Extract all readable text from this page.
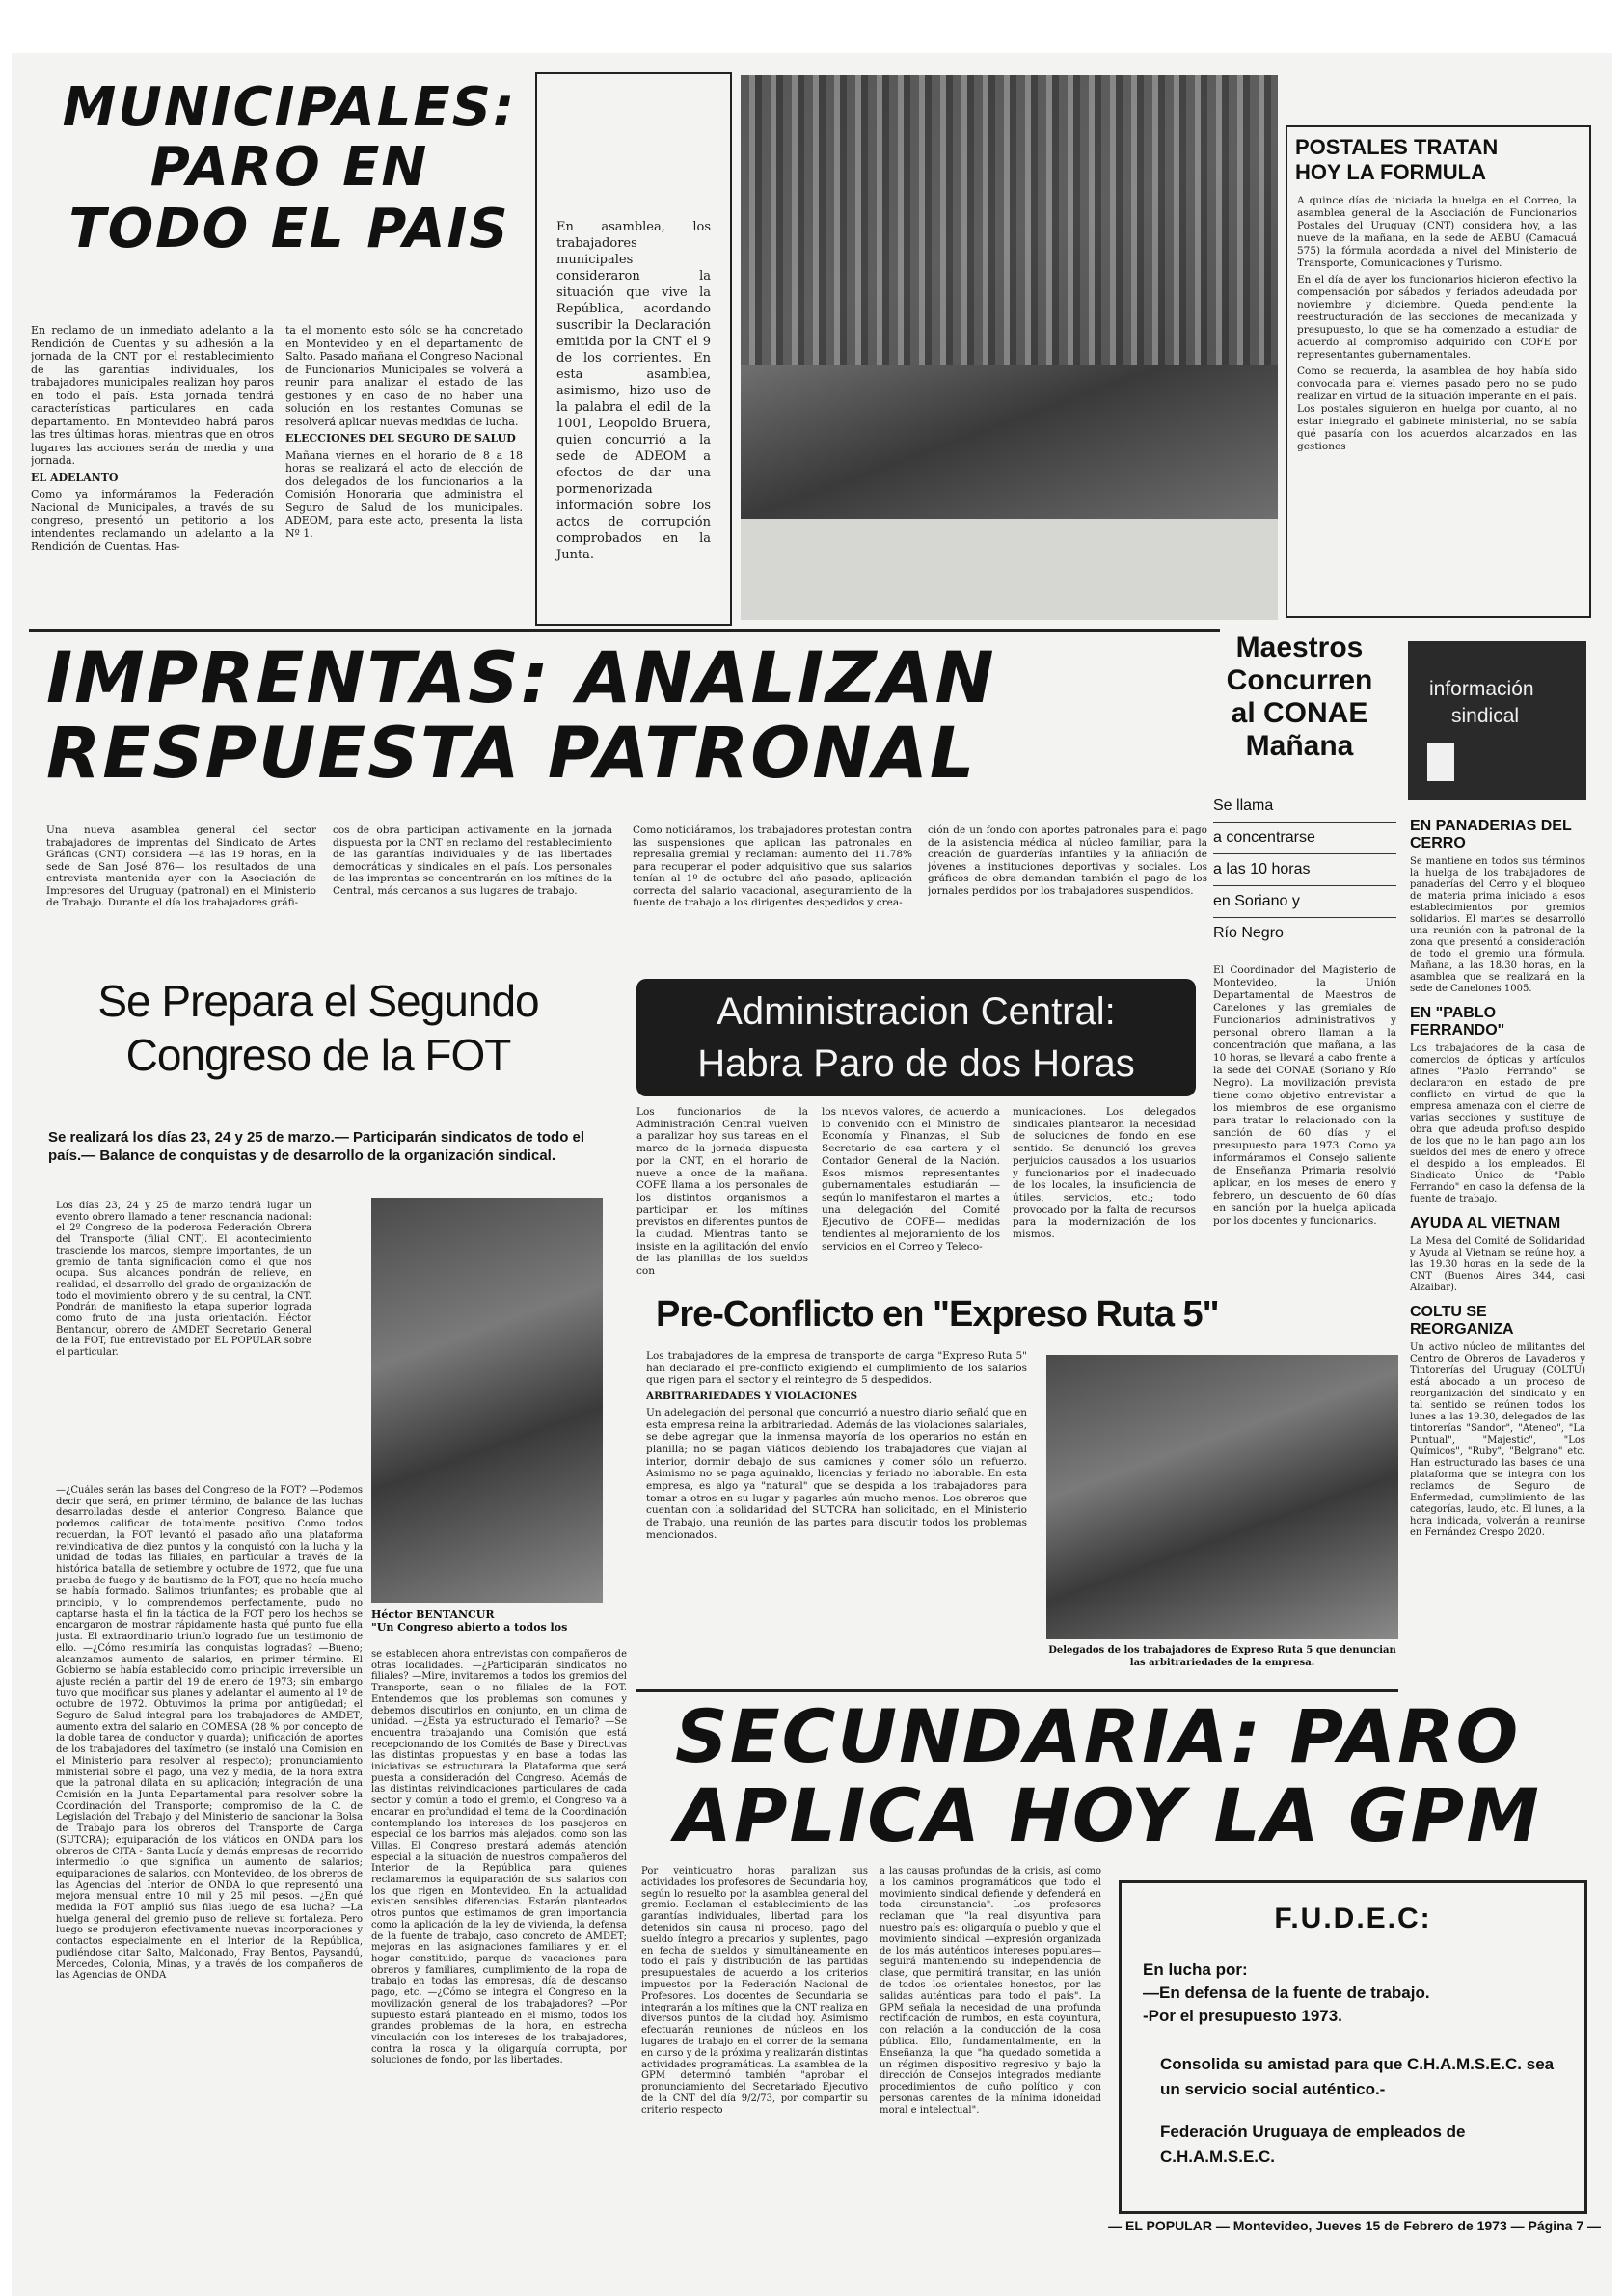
MUNICIPALES:
PARO EN
TODO EL PAIS

En reclamo de un inmediato adelanto a la Rendición de Cuentas y su adhesión a la jornada de la CNT por el restablecimiento de las garantías individuales, los trabajadores municipales realizan hoy paros en todo el país. Esta jornada tendrá características particulares en cada departamento. En Montevideo habrá paros las tres últimas horas, mientras que en otros lugares las acciones serán de media y una jornada.

EL ADELANTO

Como ya informáramos la Federación Nacional de Municipales, a través de su congreso, presentó un petitorio a los intendentes reclamando un adelanto a la Rendición de Cuentas. Has-

ta el momento esto sólo se ha concretado en Montevideo y en el departamento de Salto. Pasado mañana el Congreso Nacional de Funcionarios Municipales se volverá a reunir para analizar el estado de las gestiones y en caso de no haber una solución en los restantes Comunas se resolverá aplicar nuevas medidas de lucha.

ELECCIONES DEL SEGURO DE SALUD

Mañana viernes en el horario de 8 a 18 horas se realizará el acto de elección de dos delegados de los funcionarios a la Comisión Honoraria que administra el Seguro de Salud de los municipales. ADEOM, para este acto, presenta la lista Nº 1.

En asamblea, los trabajadores municipales consideraron la situación que vive la República, acordando suscribir la Declaración emitida por la CNT el 9 de los corrientes. En esta asamblea, asimismo, hizo uso de la palabra el edil de la 1001, Leopoldo Bruera, quien concurrió a la sede de ADEOM a efectos de dar una pormenorizada información sobre los actos de corrupción comprobados en la Junta.
POSTALES TRATAN
HOY LA FORMULA

A quince días de iniciada la huelga en el Correo, la asamblea general de la Asociación de Funcionarios Postales del Uruguay (CNT) considera hoy, a las nueve de la mañana, en la sede de AEBU (Camacuá 575) la fórmula acordada a nivel del Ministerio de Transporte, Comunicaciones y Turismo.

En el día de ayer los funcionarios hicieron efectivo la compensación por sábados y feriados adeudada por noviembre y diciembre. Queda pendiente la reestructuración de las secciones de mecanizada y presupuesto, lo que se ha comenzado a estudiar de acuerdo al compromiso adquirido con COFE por representantes gubernamentales.

Como se recuerda, la asamblea de hoy había sido convocada para el viernes pasado pero no se pudo realizar en virtud de la situación imperante en el país. Los postales siguieron en huelga por cuanto, al no estar integrado el gabinete ministerial, no se sabía qué pasaría con los acuerdos alcanzados en las gestiones

IMPRENTAS: ANALIZAN
RESPUESTA PATRONAL
Una nueva asamblea general del sector trabajadores de imprentas del Sindicato de Artes Gráficas (CNT) considera —a las 19 horas, en la sede de San José 876— los resultados de una entrevista mantenida ayer con la Asociación de Impresores del Uruguay (patronal) en el Ministerio de Trabajo. Durante el día los trabajadores gráfi-
cos de obra participan activamente en la jornada dispuesta por la CNT en reclamo del restablecimiento de las garantías individuales y de las libertades democráticas y sindicales en el país. Los personales de las imprentas se concentrarán en los mítines de la Central, más cercanos a sus lugares de trabajo.
Como noticiáramos, los trabajadores protestan contra las suspensiones que aplican las patronales en represalia gremial y reclaman: aumento del 11.78% para recuperar el poder adquisitivo que sus salarios tenían al 1º de octubre del año pasado, aplicación correcta del salario vacacional, aseguramiento de la fuente de trabajo a los dirigentes despedidos y crea-
ción de un fondo con aportes patronales para el pago de la asistencia médica al núcleo familiar, para la creación de guarderías infantiles y la afiliación de jóvenes a instituciones deportivas y sociales. Los gráficos de obra demandan también el pago de los jornales perdidos por los trabajadores suspendidos.
Maestros
Concurren
al CONAE
Mañana
Se llama
a concentrarse
a las 10 horas
en Soriano y
Río Negro
El Coordinador del Magisterio de Montevideo, la Unión Departamental de Maestros de Canelones y las gremiales de Funcionarios administrativos y personal obrero llaman a la concentración que mañana, a las 10 horas, se llevará a cabo frente a la sede del CONAE (Soriano y Río Negro). La movilización prevista tiene como objetivo entrevistar a los miembros de ese organismo para tratar lo relacionado con la sanción de 60 días y el presupuesto para 1973. Como ya informáramos el Consejo saliente de Enseñanza Primaria resolvió aplicar, en los meses de enero y febrero, un descuento de 60 días en sanción por la huelga aplicada por los docentes y funcionarios.
información
sindical
EN PANADERIAS DEL CERRO
Se mantiene en todos sus términos la huelga de los trabajadores de panaderías del Cerro y el bloqueo de materia prima iniciado a esos establecimientos por gremios solidarios. El martes se desarrolló una reunión con la patronal de la zona que presentó a consideración de todo el gremio una fórmula. Mañana, a las 18.30 horas, en la asamblea que se realizará en la sede de Canelones 1005.
EN "PABLO FERRANDO"
Los trabajadores de la casa de comercios de ópticas y artículos afines "Pablo Ferrando" se declararon en estado de pre conflicto en virtud de que la empresa amenaza con el cierre de varias secciones y sustituye de obra que adeuda profuso despido de los que no le han pago aun los sueldos del mes de enero y ofrece el despido a los empleados. El Sindicato Único de "Pablo Ferrando" en caso la defensa de la fuente de trabajo.
AYUDA AL VIETNAM
La Mesa del Comité de Solidaridad y Ayuda al Vietnam se reúne hoy, a las 19.30 horas en la sede de la CNT (Buenos Aires 344, casi Alzaibar).
COLTU SE REORGANIZA
Un activo núcleo de militantes del Centro de Obreros de Lavaderos y Tintorerías del Uruguay (COLTU) está abocado a un proceso de reorganización del sindicato y en tal sentido se reúnen todos los lunes a las 19.30, delegados de las tintorerías "Sandor", "Ateneo", "La Puntual", "Majestic", "Los Químicos", "Ruby", "Belgrano" etc. Han estructurado las bases de una plataforma que se integra con los reclamos de Seguro de Enfermedad, cumplimiento de las categorías, laudo, etc. El lunes, a la hora indicada, volverán a reunirse en Fernández Crespo 2020.
Se Prepara el Segundo
Congreso de la FOT
Se realizará los días 23, 24 y 25 de marzo.— Participarán sindicatos de todo el país.— Balance de conquistas y de desarrollo de la organización sindical.
Los días 23, 24 y 25 de marzo tendrá lugar un evento obrero llamado a tener resonancia nacional: el 2º Congreso de la poderosa Federación Obrera del Transporte (filial CNT). El acontecimiento trasciende los marcos, siempre importantes, de un gremio de tanta significación como el que nos ocupa. Sus alcances pondrán de relieve, en realidad, el desarrollo del grado de organización de todo el movimiento obrero y de su central, la CNT. Pondrán de manifiesto la etapa superior lograda como fruto de una justa orientación. Héctor Bentancur, obrero de AMDET Secretario General de la FOT, fue entrevistado por EL POPULAR sobre el particular.
Héctor BENTANCUR
"Un Congreso abierto a todos los
—¿Cuáles serán las bases del Congreso de la FOT? —Podemos decir que será, en primer término, de balance de las luchas desarrolladas desde el anterior Congreso. Balance que podemos calificar de totalmente positivo. Como todos recuerdan, la FOT levantó el pasado año una plataforma reivindicativa de diez puntos y la conquistó con la lucha y la unidad de todas las filiales, en particular a través de la histórica batalla de setiembre y octubre de 1972, que fue una prueba de fuego y de bautismo de la FOT, que no hacía mucho se había formado. Salimos triunfantes; es probable que al principio, y lo comprendemos perfectamente, pudo no captarse hasta el fin la táctica de la FOT pero los hechos se encargaron de mostrar rápidamente hasta qué punto fue ella justa. El extraordinario triunfo logrado fue un testimonio de ello. —¿Cómo resumiría las conquistas logradas? —Bueno; alcanzamos aumento de salarios, en primer término. El Gobierno se había establecido como principio irreversible un ajuste recién a partir del 19 de enero de 1973; sin embargo tuvo que modificar sus planes y adelantar el aumento al 1º de octubre de 1972. Obtuvimos la prima por antigüedad; el Seguro de Salud integral para los trabajadores de AMDET; aumento extra del salario en COMESA (28 % por concepto de la doble tarea de conductor y guarda); unificación de aportes de los trabajadores del taxímetro (se instaló una Comisión en el Ministerio para resolver al respecto); pronunciamiento ministerial sobre el pago, una vez y media, de la hora extra que la patronal dilata en su aplicación; integración de una Comisión en la Junta Departamental para resolver sobre la Coordinación del Transporte; compromiso de la C. de Legislación del Trabajo y del Ministerio de sancionar la Bolsa de Trabajo para los obreros del Transporte de Carga (SUTCRA); equiparación de los viáticos en ONDA para los obreros de CITA - Santa Lucía y demás empresas de recorrido intermedio lo que significa un aumento de salarios; equiparaciones de salarios, con Montevideo, de los obreros de las Agencias del Interior de ONDA lo que representó una mejora mensual entre 10 mil y 25 mil pesos. —¿En qué medida la FOT amplió sus filas luego de esa lucha? —La huelga general del gremio puso de relieve su fortaleza. Pero luego se produjeron efectivamente nuevas incorporaciones y contactos especialmente en el Interior de la República, pudiéndose citar Salto, Maldonado, Fray Bentos, Paysandú, Mercedes, Colonia, Minas, y a través de los compañeros de las Agencias de ONDA
se establecen ahora entrevistas con compañeros de otras localidades. —¿Participarán sindicatos no filiales? —Mire, invitaremos a todos los gremios del Transporte, sean o no filiales de la FOT. Entendemos que los problemas son comunes y debemos discutirlos en conjunto, en un clima de unidad. —¿Está ya estructurado el Temario? —Se encuentra trabajando una Comisión que está recepcionando de los Comités de Base y Directivas las distintas propuestas y en base a todas las iniciativas se estructurará la Plataforma que será puesta a consideración del Congreso. Además de las distintas reivindicaciones particulares de cada sector y común a todo el gremio, el Congreso va a encarar en profundidad el tema de la Coordinación contemplando los intereses de los pasajeros en especial de los barrios más alejados, como son las Villas. El Congreso prestará además atención especial a la situación de nuestros compañeros del Interior de la República para quienes reclamaremos la equiparación de sus salarios con los que rigen en Montevideo. En la actualidad existen sensibles diferencias. Estarán planteados otros puntos que estimamos de gran importancia como la aplicación de la ley de vivienda, la defensa de la fuente de trabajo, caso concreto de AMDET; mejoras en las asignaciones familiares y en el hogar constituido; parque de vacaciones para obreros y familiares, cumplimiento de la ropa de trabajo en todas las empresas, día de descanso pago, etc. —¿Cómo se integra el Congreso en la movilización general de los trabajadores? —Por supuesto estará planteado en el mismo, todos los grandes problemas de la hora, en estrecha vinculación con los intereses de los trabajadores, contra la rosca y la oligarquía corrupta, por soluciones de fondo, por las libertades.
Administracion Central:
Habra Paro de dos Horas
Los funcionarios de la Administración Central vuelven a paralizar hoy sus tareas en el marco de la jornada dispuesta por la CNT, en el horario de nueve a once de la mañana. COFE llama a los personales de los distintos organismos a participar en los mítines previstos en diferentes puntos de la ciudad. Mientras tanto se insiste en la agilitación del envío de las planillas de los sueldos con
los nuevos valores, de acuerdo a lo convenido con el Ministro de Economía y Finanzas, el Sub Secretario de esa cartera y el Contador General de la Nación. Esos mismos representantes gubernamentales estudiarán —según lo manifestaron el martes a una delegación del Comité Ejecutivo de COFE— medidas tendientes al mejoramiento de los servicios en el Correo y Teleco-
municaciones. Los delegados sindicales plantearon la necesidad de soluciones de fondo en ese sentido. Se denunció los graves perjuicios causados a los usuarios y funcionarios por el inadecuado de los locales, la insuficiencia de útiles, servicios, etc.; todo provocado por la falta de recursos para la modernización de los mismos.
Pre-Conflicto en "Expreso Ruta 5"

Los trabajadores de la empresa de transporte de carga "Expreso Ruta 5" han declarado el pre-conflicto exigiendo el cumplimiento de los salarios que rigen para el sector y el reintegro de 5 despedidos.

ARBITRARIEDADES Y VIOLACIONES

Un adelegación del personal que concurrió a nuestro diario señaló que en esta empresa reina la arbitrariedad. Además de las violaciones salariales, se debe agregar que la inmensa mayoría de los operarios no están en planilla; no se pagan viáticos debiendo los trabajadores que viajan al interior, dormir debajo de sus camiones y comer sólo un refuerzo. Asimismo no se paga aguinaldo, licencias y feriado no laborable. En esta empresa, es algo ya "natural" que se despida a los trabajadores para tomar a otros en su lugar y pagarles aún mucho menos. Los obreros que cuentan con la solidaridad del SUTCRA han solicitado, en el Ministerio de Trabajo, una reunión de las partes para discutir todos los problemas mencionados.

Delegados de los trabajadores de Expreso Ruta 5 que denuncian las arbitrariedades de la empresa.
SECUNDARIA: PARO
APLICA HOY LA GPM
Por veinticuatro horas paralizan sus actividades los profesores de Secundaria hoy, según lo resuelto por la asamblea general del gremio. Reclaman el establecimiento de las garantías individuales, libertad para los detenidos sin causa ni proceso, pago del sueldo íntegro a precarios y suplentes, pago en fecha de sueldos y simultáneamente en todo el país y distribución de las partidas presupuestales de acuerdo a los criterios impuestos por la Federación Nacional de Profesores. Los docentes de Secundaria se integrarán a los mítines que la CNT realiza en diversos puntos de la ciudad hoy. Asimismo efectuarán reuniones de núcleos en los lugares de trabajo en el correr de la semana en curso y de la próxima y realizarán distintas actividades programáticas. La asamblea de la GPM determinó también "aprobar el pronunciamiento del Secretariado Ejecutivo de la CNT del día 9/2/73, por compartir su criterio respecto
a las causas profundas de la crisis, así como a los caminos programáticos que todo el movimiento sindical defiende y defenderá en toda circunstancia". Los profesores reclaman que "la real disyuntiva para nuestro país es: oligarquía o pueblo y que el movimiento sindical —expresión organizada de los más auténticos intereses populares— seguirá manteniendo su independencia de clase, que permitirá transitar, en las unión de todos los orientales honestos, por las salidas auténticas para todo el país". La GPM señala la necesidad de una profunda rectificación de rumbos, en esta coyuntura, con relación a la conducción de la cosa pública. Ello, fundamentalmente, en la Enseñanza, la que "ha quedado sometida a un régimen dispositivo regresivo y bajo la dirección de Consejos integrados mediante procedimientos de cuño político y con personas carentes de la mínima idoneidad moral e intelectual".
F.U.D.E.C:
En lucha por:
—En defensa de la fuente de trabajo.
-Por el presupuesto 1973.
Consolida su amistad para que C.H.A.M.S.E.C. sea un servicio social auténtico.-
Federación Uruguaya de empleados de C.H.A.M.S.E.C.
— EL POPULAR — Montevideo, Jueves 15 de Febrero de 1973 — Página 7 —
